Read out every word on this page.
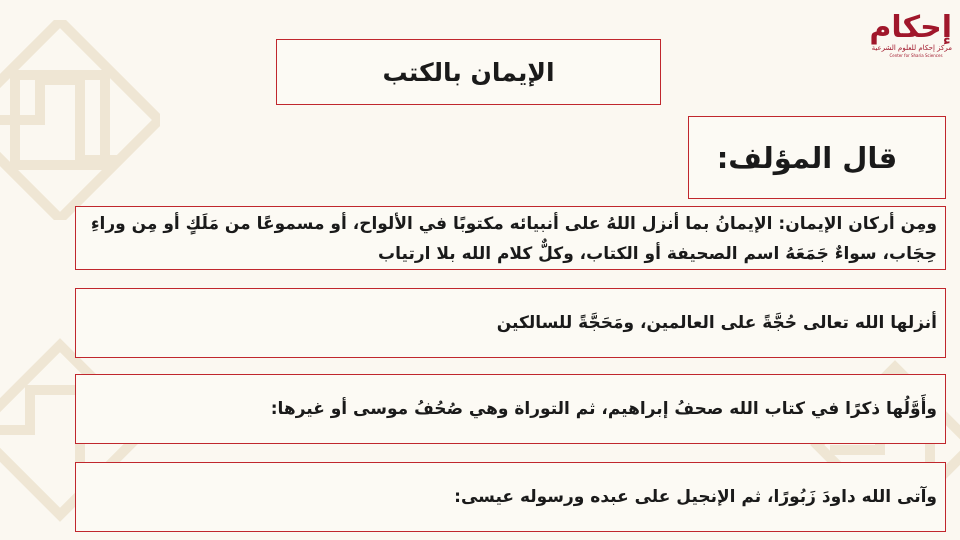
إحكام
مركز إحكام للعلوم الشرعية
Center for Sharia Sciences
الإيمان بالكتب
قال المؤلف:
ومِن أركان الإيمان: الإيمانُ بما أنزل اللهُ على أنبيائه مكتوبًا في الألواح، أو مسموعًا من مَلَكٍ أو مِن وراءِ حِجَاب، سواءٌ جَمَعَهُ اسم الصحيفة أو الكتاب، وكلٌّ كلام الله بلا ارتياب
أنزلها الله تعالى حُجَّةً على العالمين، ومَحَجَّةً للسالكين
وأَوَّلُها ذكرًا في كتاب الله صحفُ إبراهيم، ثم التوراة وهي صُحُفُ موسى أو غيرها:
وآتى الله داودَ زَبُورًا، ثم الإنجيل على عبده ورسوله عيسى:
